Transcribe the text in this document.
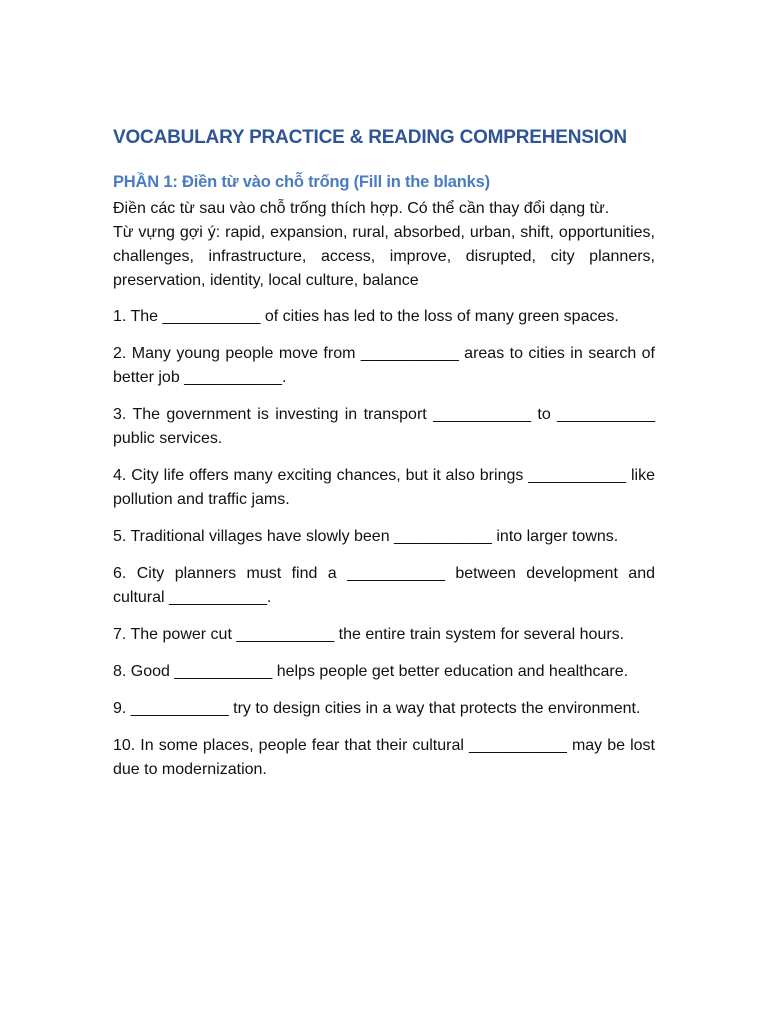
VOCABULARY PRACTICE & READING COMPREHENSION
PHẦN 1: Điền từ vào chỗ trống (Fill in the blanks)

Điền các từ sau vào chỗ trống thích hợp. Có thể cần thay đổi dạng từ.

Từ vựng gợi ý: rapid, expansion, rural, absorbed, urban, shift, opportunities, challenges, infrastructure, access, improve, disrupted, city planners, preservation, identity, local culture, balance

1. The ___________ of cities has led to the loss of many green spaces.

2. Many young people move from ___________ areas to cities in search of better job ___________.

3. The government is investing in transport ___________ to ___________ public services.

4. City life offers many exciting chances, but it also brings ___________ like pollution and traffic jams.

5. Traditional villages have slowly been ___________ into larger towns.

6. City planners must find a ___________ between development and cultural ___________.

7. The power cut ___________ the entire train system for several hours.

8. Good ___________ helps people get better education and healthcare.

9. ___________ try to design cities in a way that protects the environment.

10. In some places, people fear that their cultural ___________ may be lost due to modernization.
